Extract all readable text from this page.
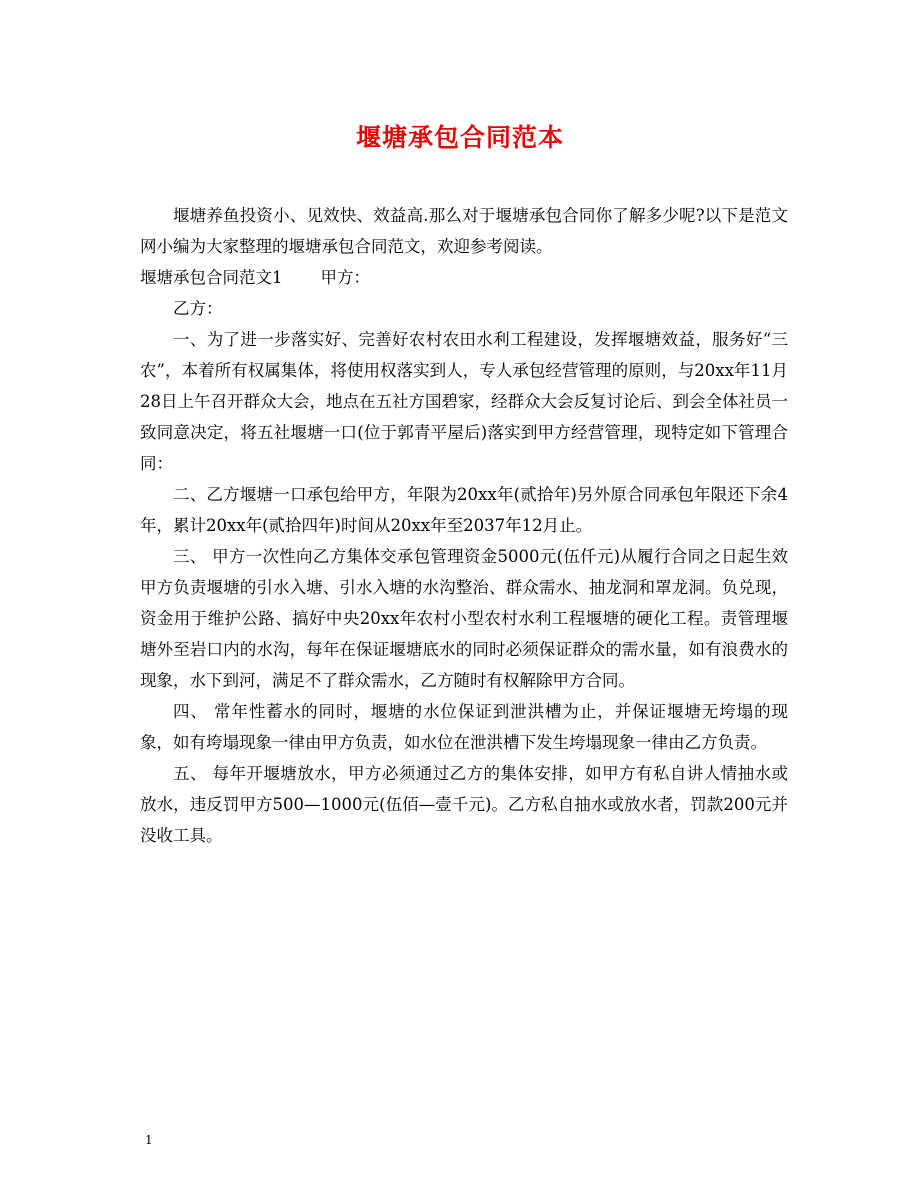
堰塘承包合同范本

堰塘养鱼投资小、见效快、效益高.那么对于堰塘承包合同你了解多少呢?以下是范文网小编为大家整理的堰塘承包合同范文，欢迎参考阅读。

堰塘承包合同范文1 甲方：

乙方：

一、为了进一步落实好、完善好农村农田水利工程建设，发挥堰塘效益，服务好“三农”，本着所有权属集体，将使用权落实到人，专人承包经营管理的原则，与20xx年11月28日上午召开群众大会，地点在五社方国碧家，经群众大会反复讨论后、到会全体社员一致同意决定，将五社堰塘一口(位于郭青平屋后)落实到甲方经营管理，现特定如下管理合同：

二、乙方堰塘一口承包给甲方，年限为20xx年(贰拾年)另外原合同承包年限还下余4年，累计20xx年(贰拾四年)时间从20xx年至2037年12月止。

三、 甲方一次性向乙方集体交承包管理资金5000元(伍仟元)从履行合同之日起生效甲方负责堰塘的引水入塘、引水入塘的水沟整治、群众需水、抽龙洞和罩龙洞。负兑现，资金用于维护公路、搞好中央20xx年农村小型农村水利工程堰塘的硬化工程。责管理堰塘外至岩口内的水沟，每年在保证堰塘底水的同时必须保证群众的需水量，如有浪费水的现象，水下到河，满足不了群众需水，乙方随时有权解除甲方合同。

四、 常年性蓄水的同时，堰塘的水位保证到泄洪槽为止，并保证堰塘无垮塌的现象，如有垮塌现象一律由甲方负责，如水位在泄洪槽下发生垮塌现象一律由乙方负责。

五、 每年开堰塘放水，甲方必须通过乙方的集体安排，如甲方有私自讲人情抽水或放水，违反罚甲方500—1000元(伍佰—壹千元)。乙方私自抽水或放水者，罚款200元并没收工具。

1
